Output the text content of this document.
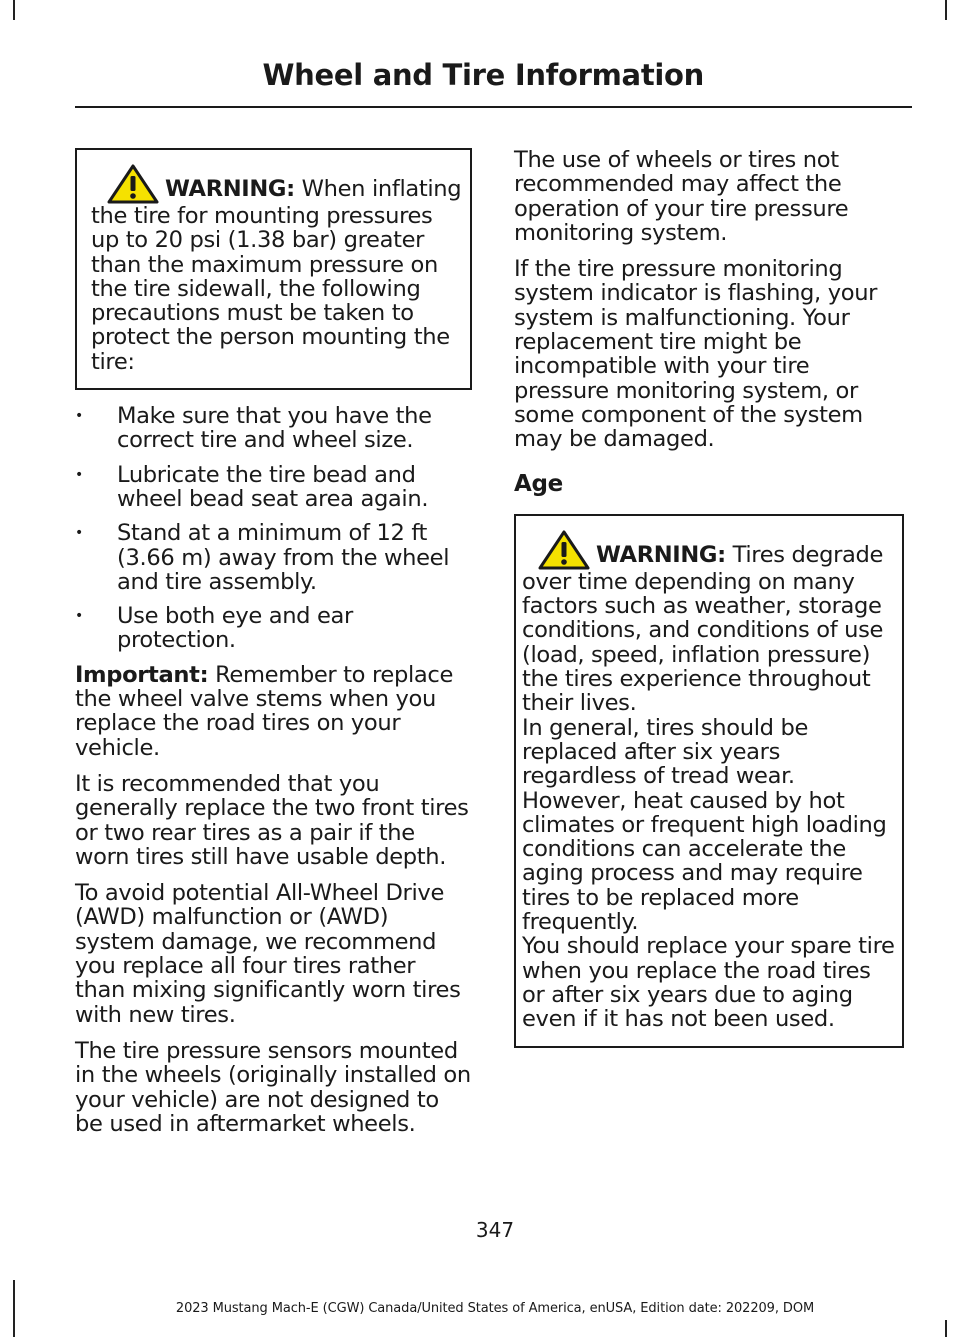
Wheel and Tire Information

WARNING: When inflating the tire for mounting pressures up to 20 psi (1.38 bar) greater than the maximum pressure on the tire sidewall, the following precautions must be taken to protect the person mounting the tire:

• Make sure that you have the correct tire and wheel size.
• Lubricate the tire bead and wheel bead seat area again.
• Stand at a minimum of 12 ft (3.66 m) away from the wheel and tire assembly.
• Use both eye and ear protection.

Important: Remember to replace the wheel valve stems when you replace the road tires on your vehicle.

It is recommended that you generally replace the two front tires or two rear tires as a pair if the worn tires still have usable depth.

To avoid potential All-Wheel Drive (AWD) malfunction or (AWD) system damage, we recommend you replace all four tires rather than mixing significantly worn tires with new tires.

The tire pressure sensors mounted in the wheels (originally installed on your vehicle) are not designed to be used in aftermarket wheels.

The use of wheels or tires not recommended may affect the operation of your tire pressure monitoring system.

If the tire pressure monitoring system indicator is flashing, your system is malfunctioning. Your replacement tire might be incompatible with your tire pressure monitoring system, or some component of the system may be damaged.

Age

WARNING: Tires degrade over time depending on many factors such as weather, storage conditions, and conditions of use (load, speed, inflation pressure) the tires experience throughout their lives.

In general, tires should be replaced after six years regardless of tread wear. However, heat caused by hot climates or frequent high loading conditions can accelerate the aging process and may require tires to be replaced more frequently.

You should replace your spare tire when you replace the road tires or after six years due to aging even if it has not been used.

347
2023 Mustang Mach-E (CGW) Canada/United States of America, enUSA, Edition date: 202209, DOM
